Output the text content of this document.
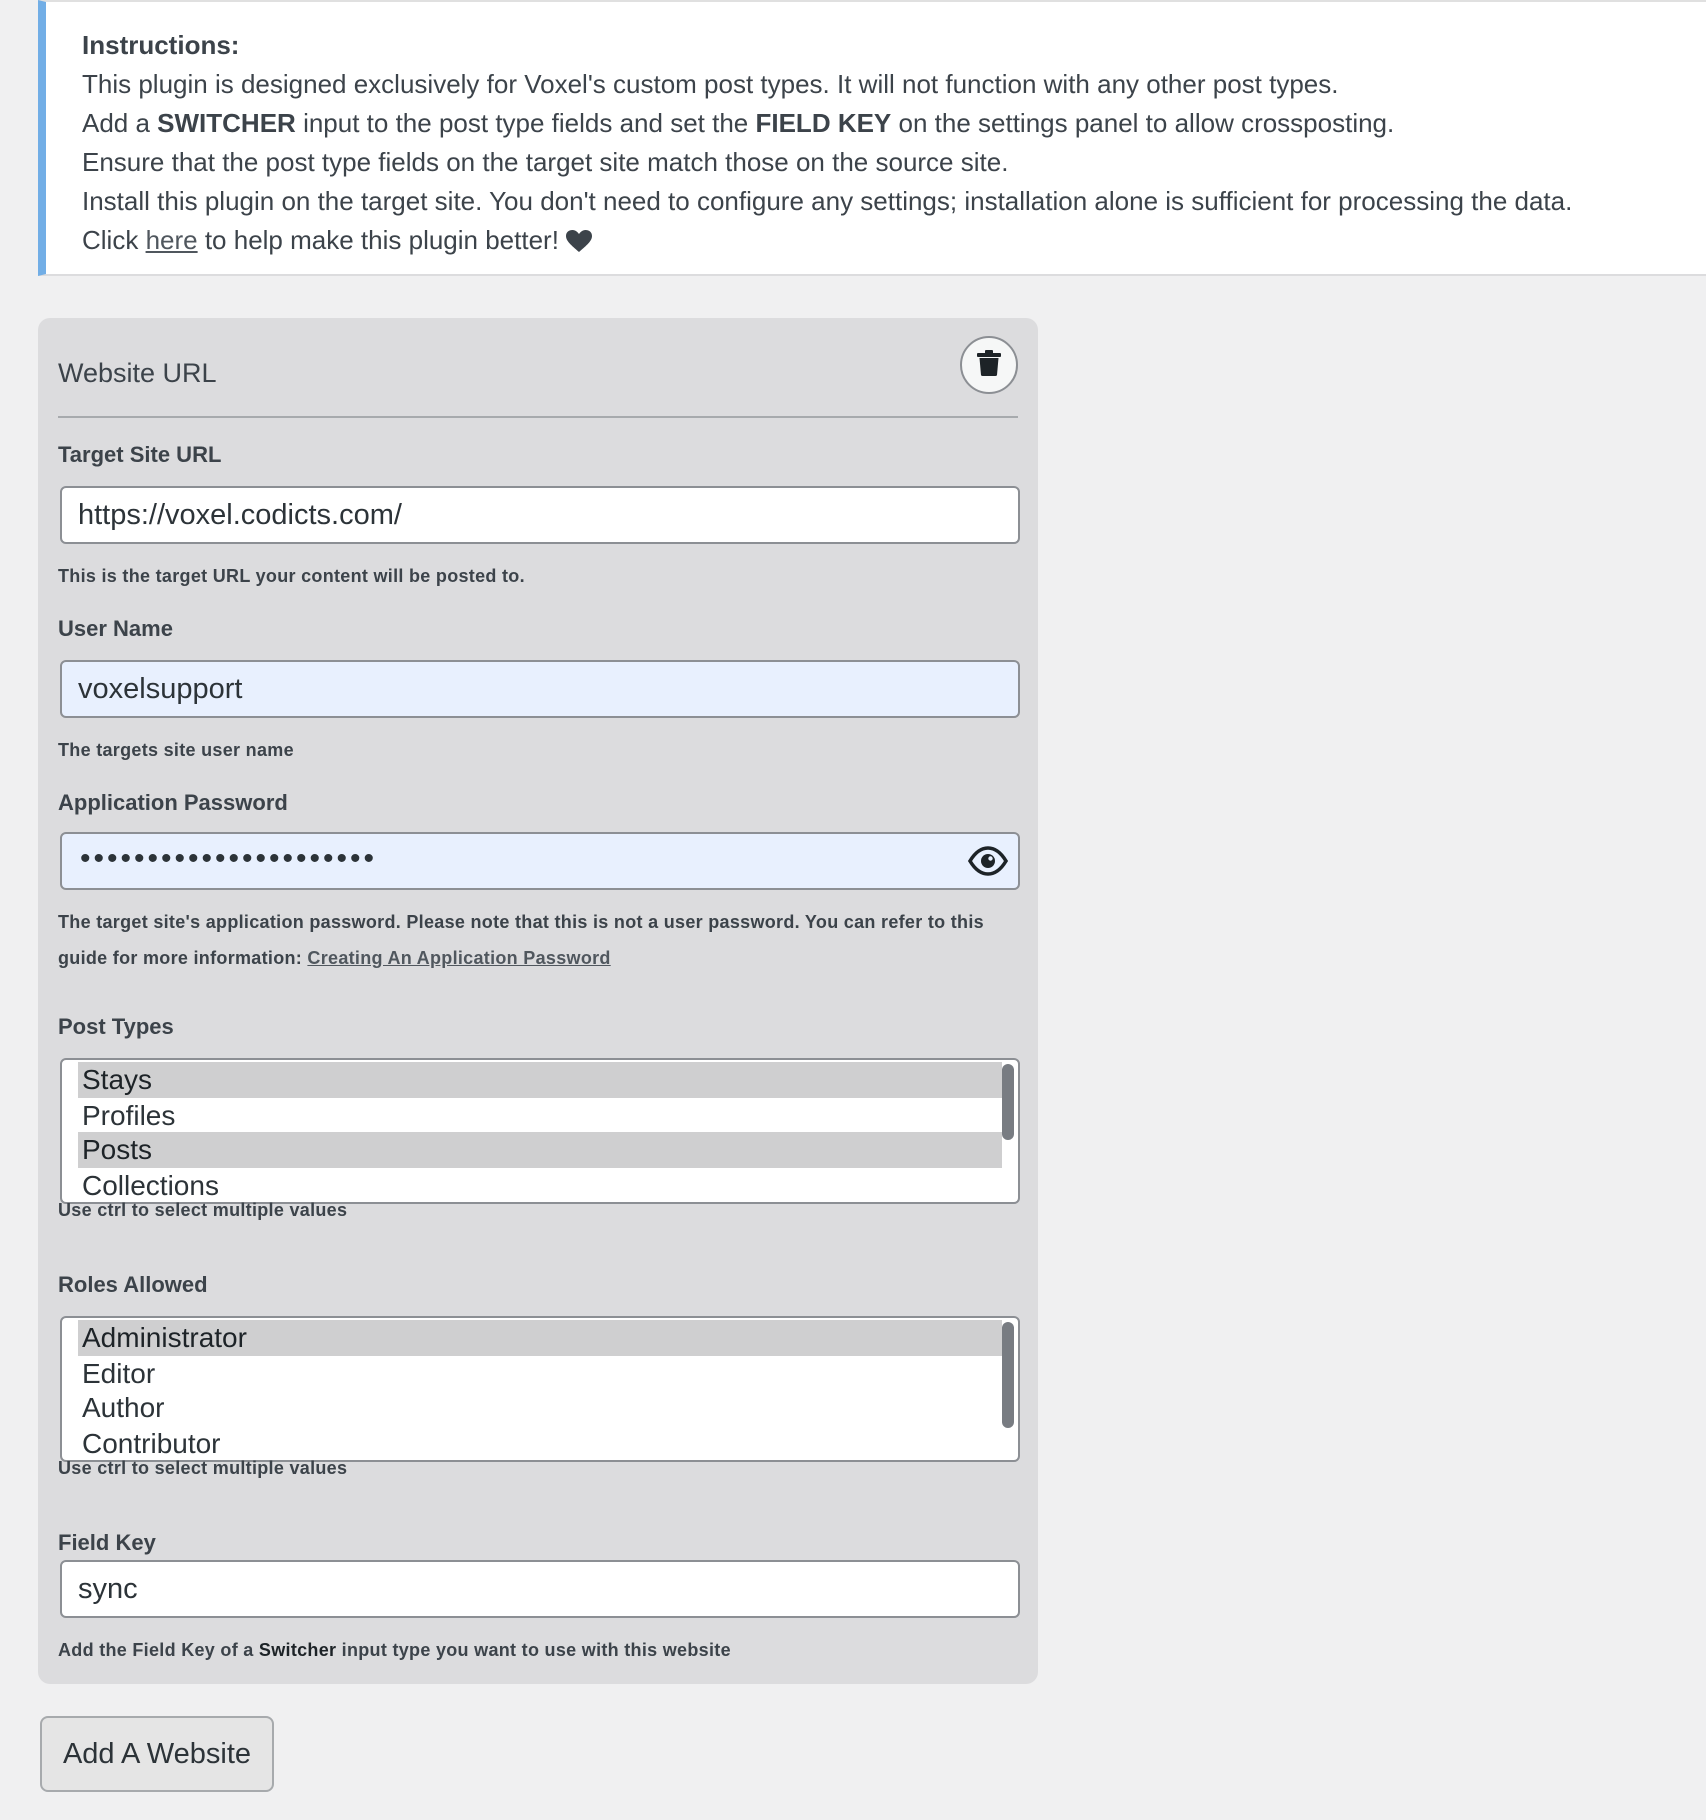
Instructions:
This plugin is designed exclusively for Voxel's custom post types. It will not function with any other post types.
Add a SWITCHER input to the post type fields and set the FIELD KEY on the settings panel to allow crossposting.
Ensure that the post type fields on the target site match those on the source site.
Install this plugin on the target site. You don't need to configure any settings; installation alone is sufficient for processing the data.
Click here to help make this plugin better!
Website URL
Target Site URL
https://voxel.codicts.com/
This is the target URL your content will be posted to.
User Name
voxelsupport
The targets site user name
Application Password
••••••••••••••••••••••
The target site's application password. Please note that this is not a user password. You can refer to this
guide for more information: Creating An Application Password
Post Types
Stays
Profiles
Posts
Collections
Use ctrl to select multiple values
Roles Allowed
Administrator
Editor
Author
Contributor
Use ctrl to select multiple values
Field Key
sync
Add the Field Key of a Switcher input type you want to use with this website
Add A Website
